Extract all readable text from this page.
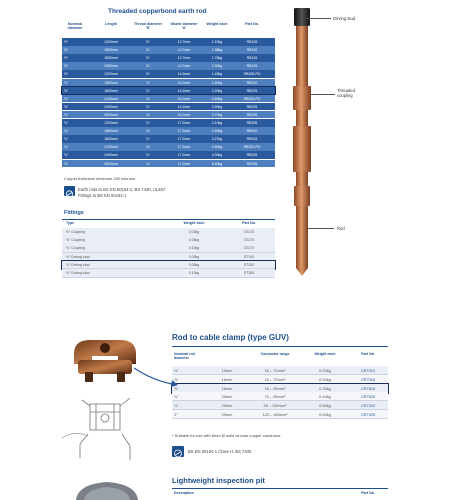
Threaded copperbond earth rod
Nominal diameter
Length	Thread diameter 'D'
Shank diameter 'A'
Weight each	Part No.
½"	1200mm	⅝"	12.7mm	1.10kg	RB105
½"	1500mm	⅝"	12.7mm	1.38kg	RB110
½"	1800mm	⅝"	12.7mm	1.75kg	RB115
½"	2400mm	⅝"	12.7mm	2.30kg	RB125
⅝"	1200mm	¾"	14.2mm	1.45kg	RB205-PU
⅝"	1500mm	¾"	14.2mm	1.80kg	RB210
⅝"	1800mm	¾"	14.2mm	2.20kg	RB215
⅝"	2100mm	¾"	14.2mm	2.60kg	RB220-PU
⅝"	2400mm	¾"	14.2mm	2.90kg	RB225
⅝"	3000mm	¾"	14.2mm	3.70kg	RB235
¾"	1200mm	¾"	17.2mm	2.10kg	RB305
¾"	1500mm	¾"	17.2mm	2.60kg	RB310
¾"	1800mm	¾"	17.2mm	3.27kg	RB315
¾"	2100mm	¾"	17.2mm	3.80kg	RB320-PU
¾"	2400mm	¾"	17.2mm	4.30kg	RB325
¾"	3000mm	¾"	17.2mm	5.40kg	RB335
Copper thickness minimum 250 microns
Earth rods to BS EN 50164-2, BS 7430, UL467
Fittings to BS EN 50164-1
Fittings
Type	Weight each	Part No.
½" Coupling	0.03kg	CS170
⅝" Coupling	0.06kg	CS270
¾" Coupling	0.10kg	CS370
½" Driving stud	0.03kg	ST100
⅝" Driving stud	0.05kg	ST200
¾" Driving stud	0.10kg	ST300
Driving stud
Threaded coupling
Rod
Rod to cable clamp (type GUV)
Nominal rod diameter
Conductor range	Weight each	Part No.
½"	12mm	16 – 70mm²	0.20kg	CR7012
⅝"	16mm	16 – 70mm²	0.30kg	CR7016
⅝"	16mm	16 – 95mm²	0.35kg	CR7516
¾"	20mm	70 – 95mm²	0.40kg	CR7520
¾"	20mm	95 – 150mm²	0.50kg	CR7320
1"	25mm	120 – 185mm²	0.60kg	CR7325
* Suitable for use with 8mm Ø solid circular copper conductor.
BS EN 50164-1 Class H, BS 7430
Lightweight inspection pit
Description	Part No.
